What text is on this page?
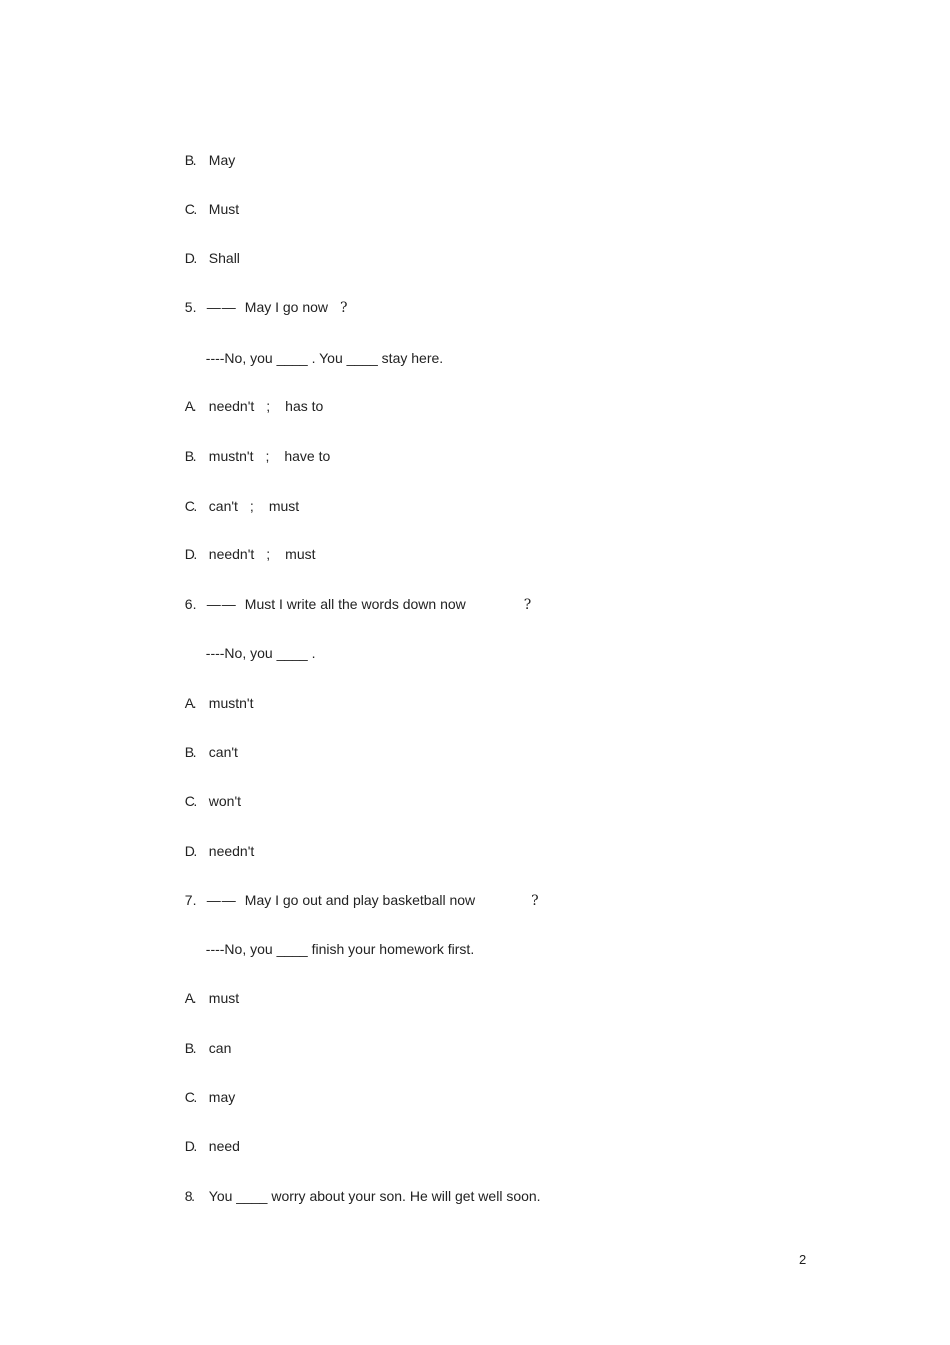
B. May

C. Must

D. Shall

5. —— May I go now ?

----No, you ____ . You ____ stay here.

A. needn't ; has to

B. mustn't ; have to

C. can't ; must

D. needn't ; must

6. —— Must I write all the words down now	?

----No, you ____ .

A. mustn't

B. can't

C. won't

D. needn't

7. —— May I go out and play basketball now	?

----No, you ____ finish your homework first.

A. must

B. can

C. may

D. need

8. You ____ worry about your son. He will get well soon.

2
